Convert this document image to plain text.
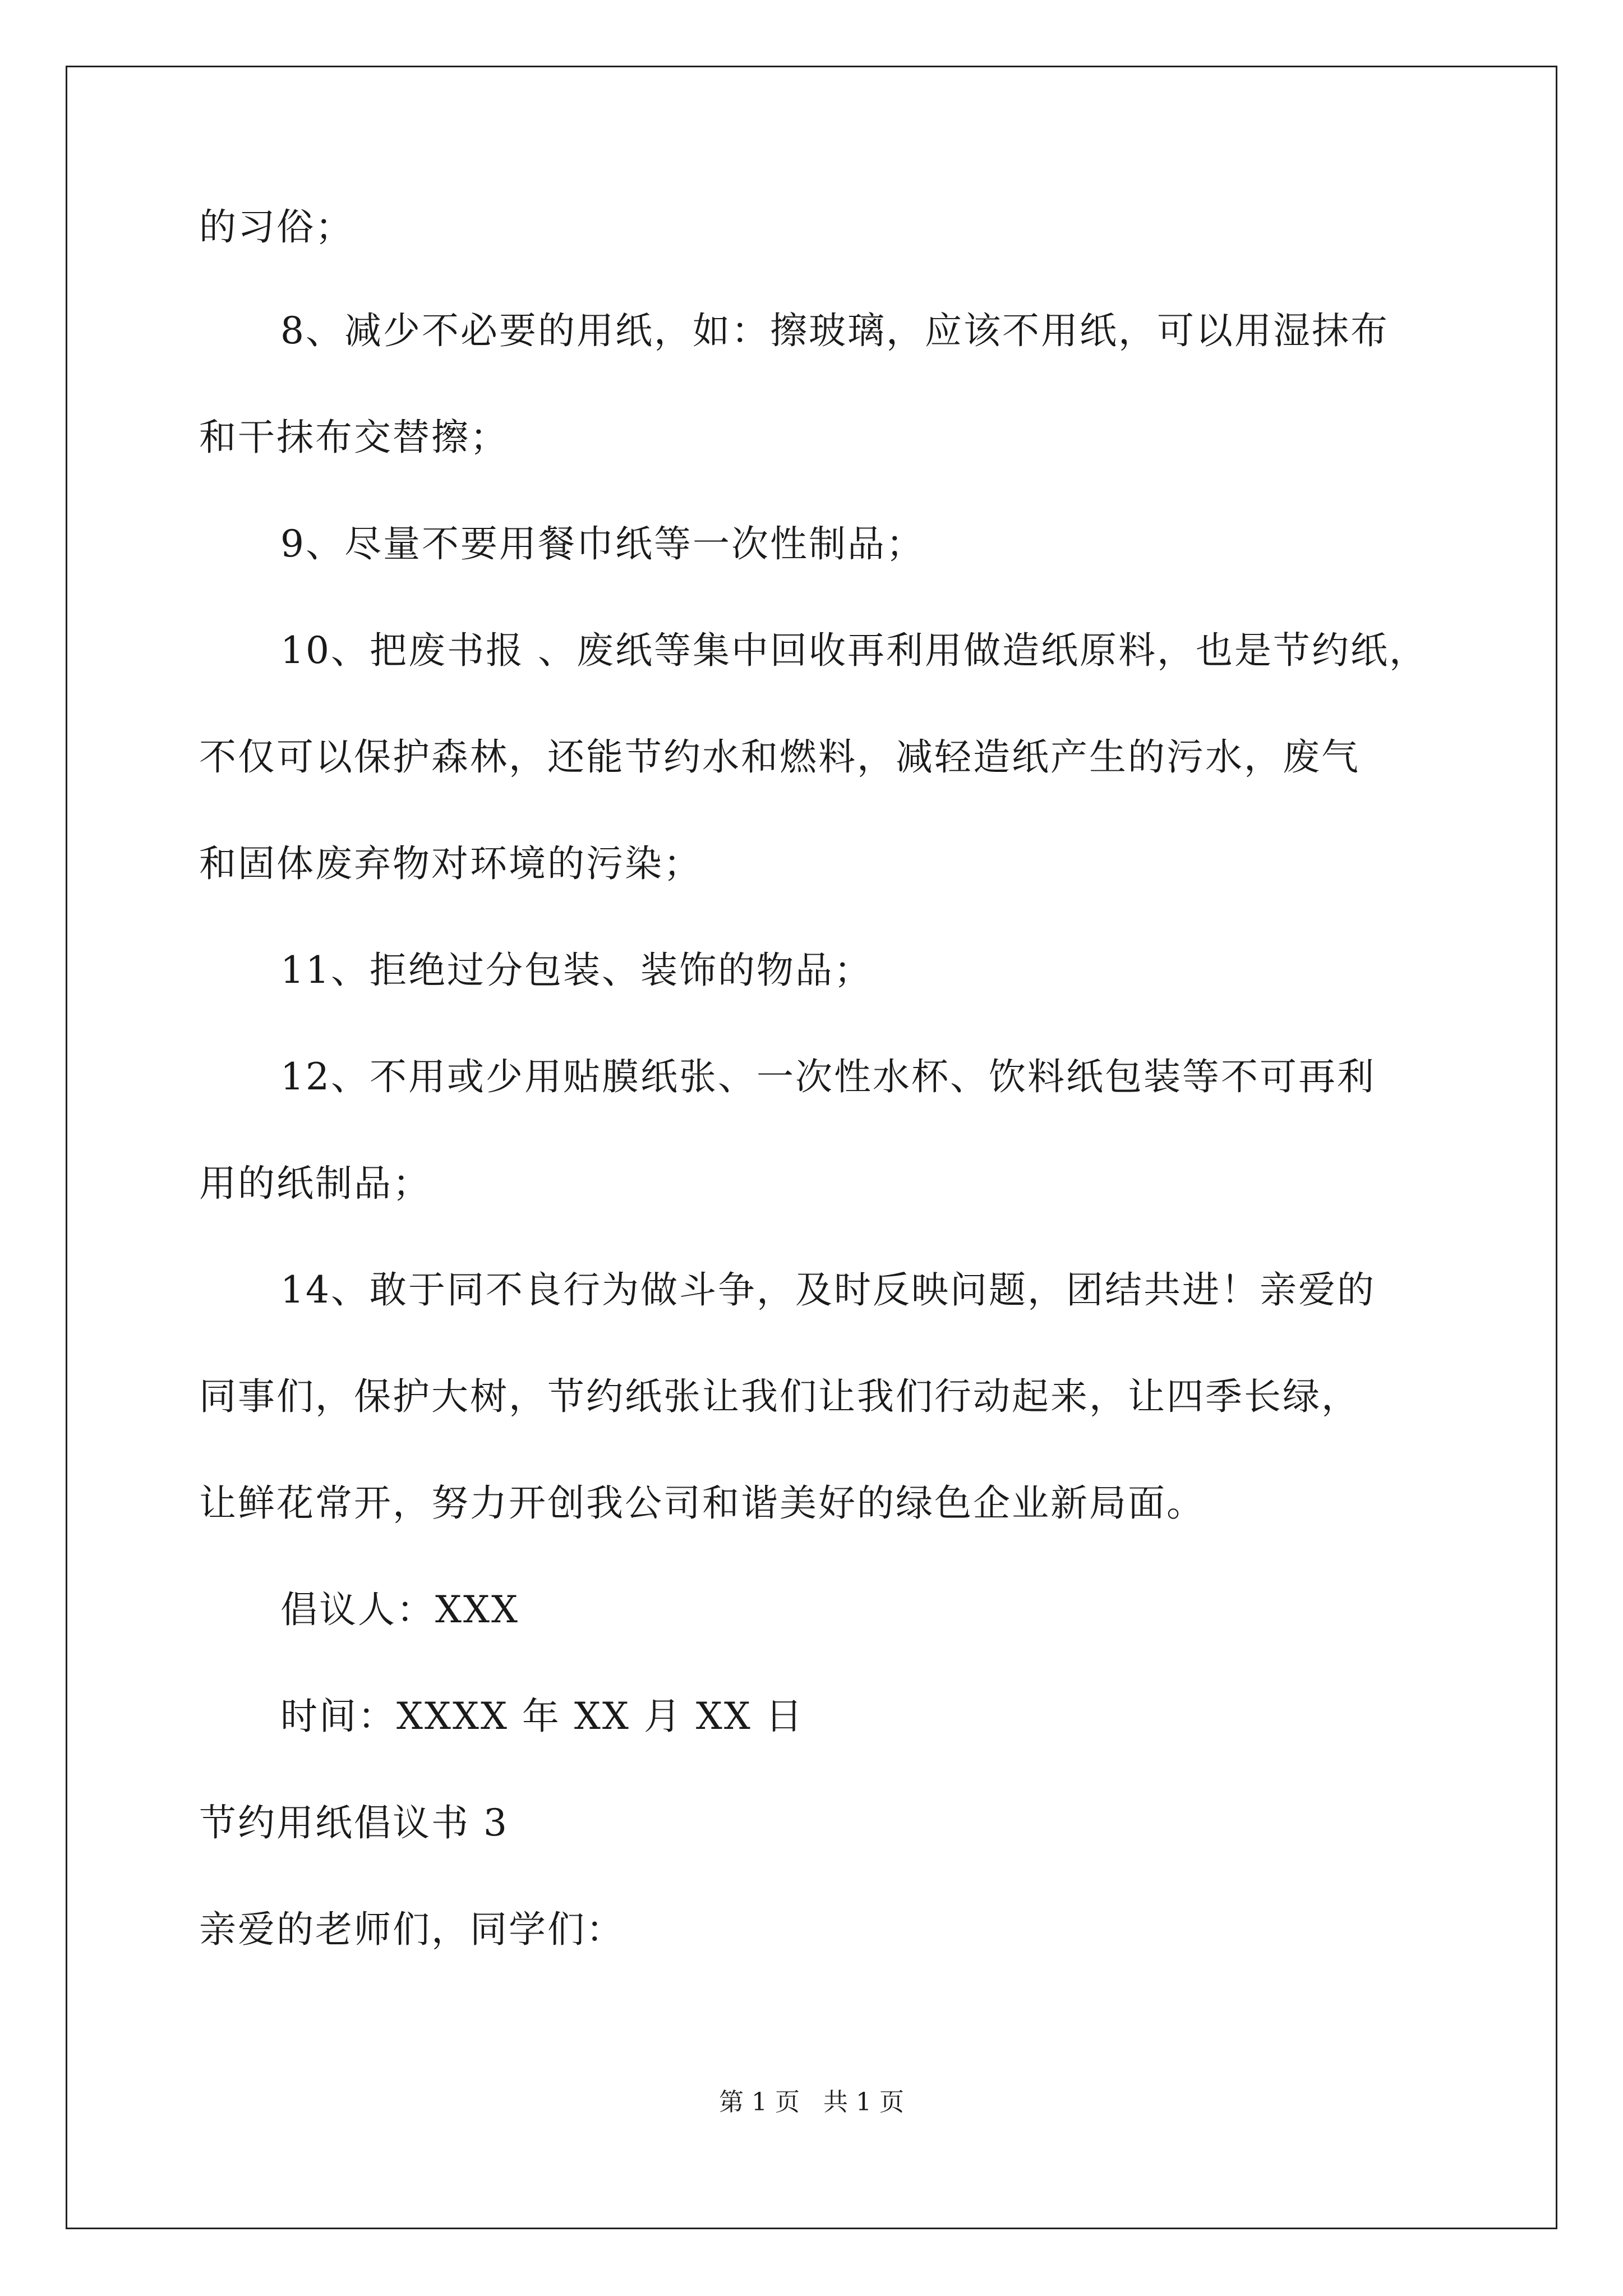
的习俗；
8、减少不必要的用纸，如：擦玻璃，应该不用纸，可以用湿抹布
和干抹布交替擦；
9、尽量不要用餐巾纸等一次性制品；
10、把废书报 、废纸等集中回收再利用做造纸原料，也是节约纸，
不仅可以保护森林，还能节约水和燃料，减轻造纸产生的污水，废气
和固体废弃物对环境的污染；
11、拒绝过分包装、装饰的物品；
12、不用或少用贴膜纸张、一次性水杯、饮料纸包装等不可再利
用的纸制品；
14、敢于同不良行为做斗争，及时反映问题，团结共进！亲爱的
同事们，保护大树，节约纸张让我们让我们行动起来，让四季长绿，
让鲜花常开，努力开创我公司和谐美好的绿色企业新局面。
倡议人：XXX
时间：XXXX 年 XX 月 XX 日
节约用纸倡议书 3
亲爱的老师们，同学们：
第 1 页   共 1 页
